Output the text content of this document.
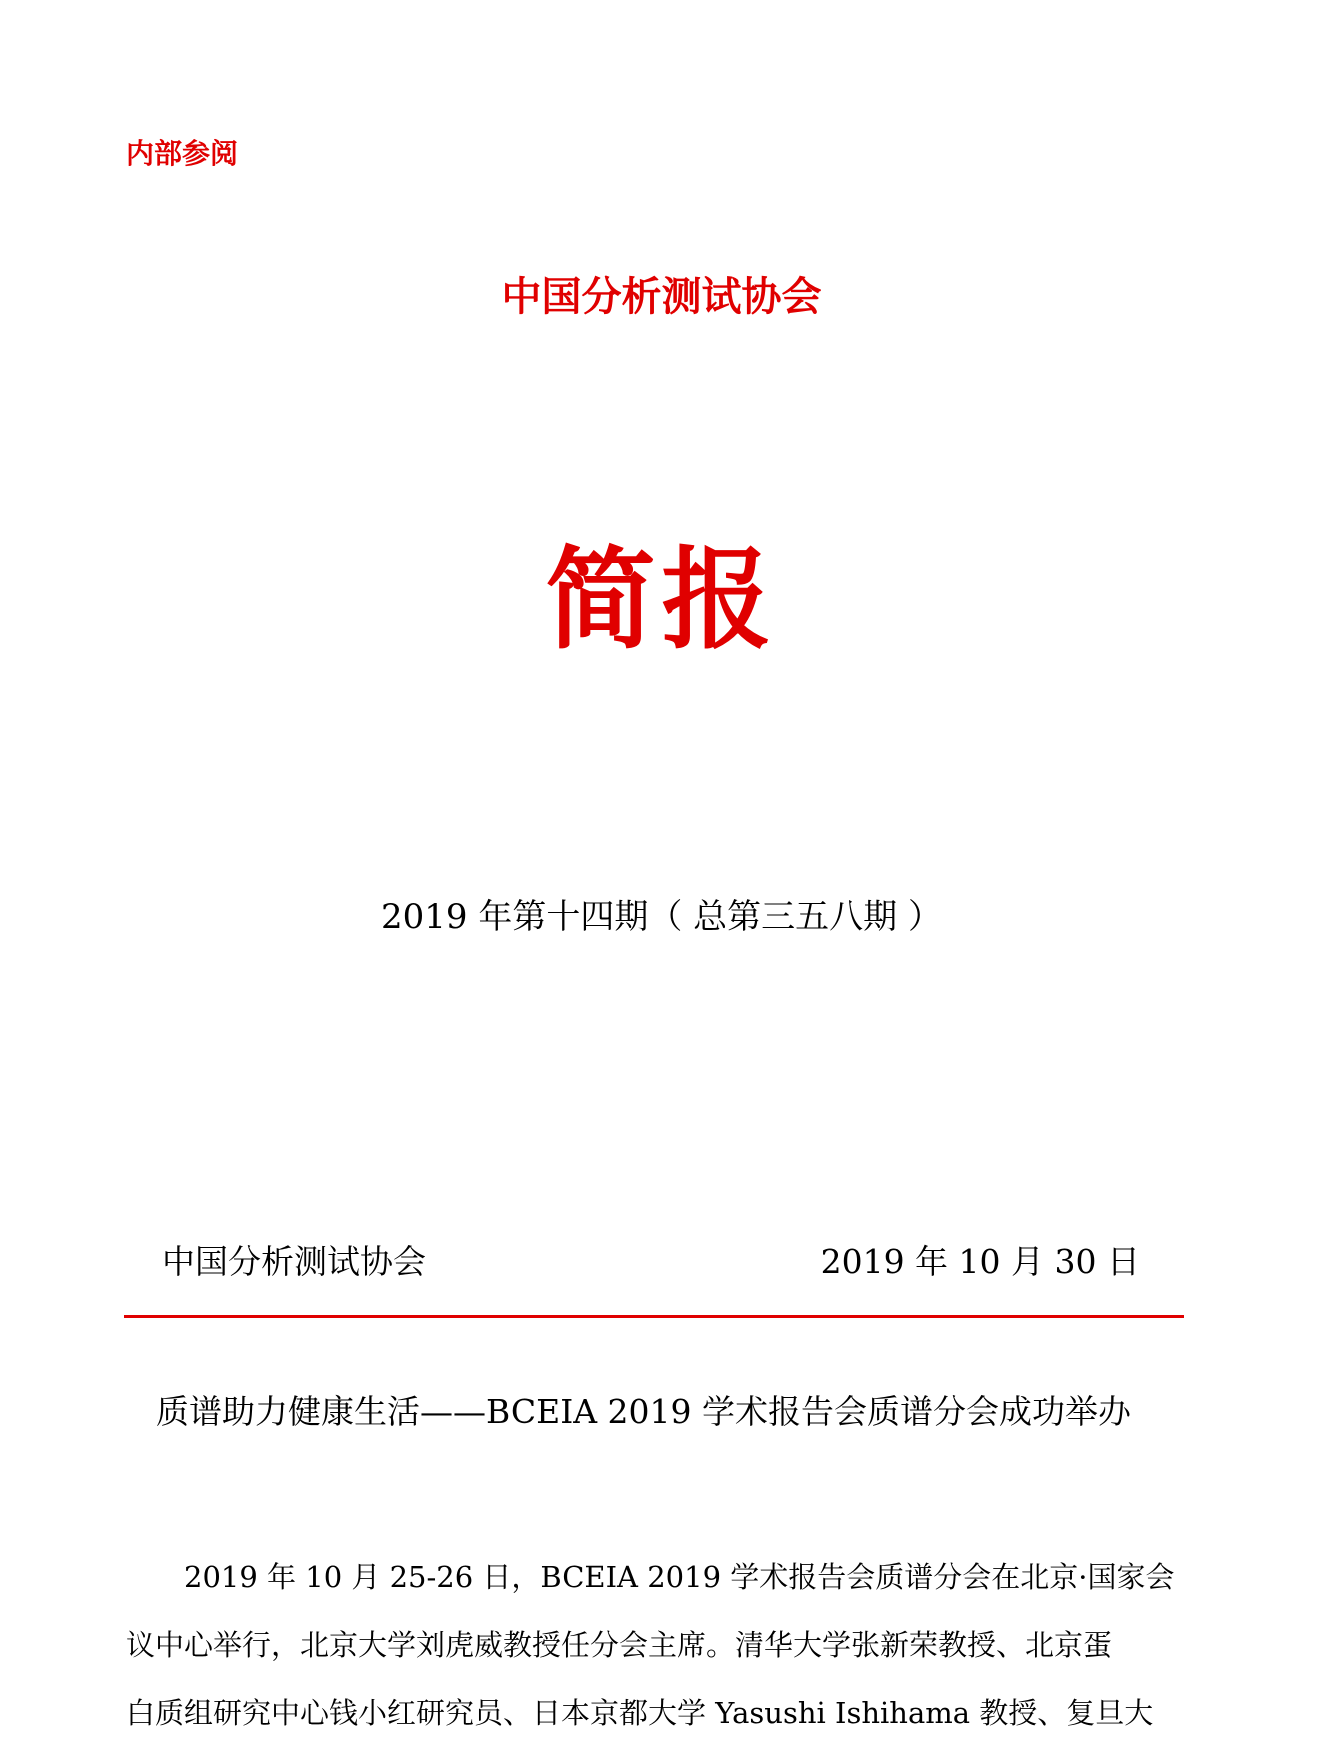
内部参阅
中国分析测试协会
简报
2019 年第十四期（ 总第三五八期 ）
中国分析测试协会	2019 年 10 月 30 日
质谱助力健康生活——BCEIA 2019 学术报告会质谱分会成功举办
2019 年 10 月 25-26 日，BCEIA 2019 学术报告会质谱分会在北京·国家会
议中心举行，北京大学刘虎威教授任分会主席。清华大学张新荣教授、北京蛋
白质组研究中心钱小红研究员、日本京都大学 Yasushi Ishihama 教授、复旦大
